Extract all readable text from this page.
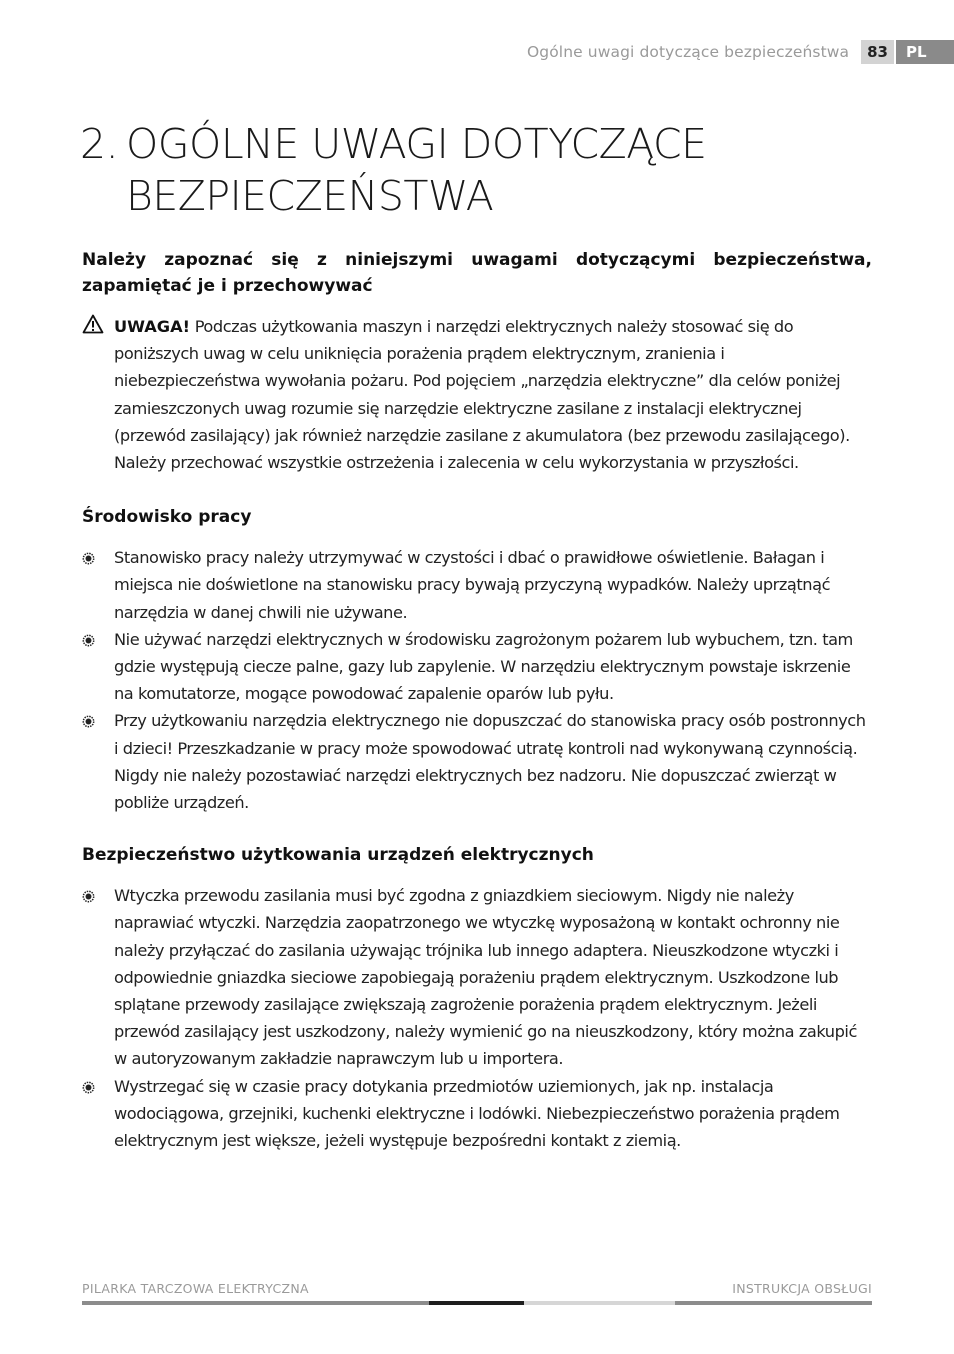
Ogólne uwagi dotyczące bezpieczeństwa	83	PL
2. OGÓLNE UWAGI DOTYCZĄCE
BEZPIECZEŃSTWA

Należy zapoznać się z niniejszymi uwagami dotyczącymi bezpieczeństwa, zapamiętać je i przechowywać

UWAGA! Podczas użytkowania maszyn i narzędzi elektrycznych należy stosować się do poniższych uwag w celu uniknięcia porażenia prądem elektrycznym, zranienia i niebezpieczeństwa wywołania pożaru. Pod pojęciem „narzędzia elektryczne” dla celów poniżej zamieszczonych uwag rozumie się narzędzie elektryczne zasilane z instalacji elektrycznej (przewód zasilający) jak również narzędzie zasilane z akumulatora (bez przewodu zasilającego). Należy przechować wszystkie ostrzeżenia i zalecenia w celu wykorzystania w przyszłości.

Środowisko pracy
Stanowisko pracy należy utrzymywać w czystości i dbać o prawidłowe oświetlenie. Bałagan i miejsca nie doświetlone na stanowisku pracy bywają przyczyną wypadków. Należy uprzątnąć narzędzia w danej chwili nie używane.
Nie używać narzędzi elektrycznych w środowisku zagrożonym pożarem lub wybuchem, tzn. tam gdzie występują ciecze palne, gazy lub zapylenie. W narzędziu elektrycznym powstaje iskrzenie na komutatorze, mogące powodować zapalenie oparów lub pyłu.
Przy użytkowaniu narzędzia elektrycznego nie dopuszczać do stanowiska pracy osób postronnych i dzieci! Przeszkadzanie w pracy może spowodować utratę kontroli nad wykonywaną czynnością. Nigdy nie należy pozostawiać narzędzi elektrycznych bez nadzoru. Nie dopuszczać zwierząt w pobliże urządzeń.
Bezpieczeństwo użytkowania urządzeń elektrycznych
Wtyczka przewodu zasilania musi być zgodna z gniazdkiem sieciowym. Nigdy nie należy naprawiać wtyczki. Narzędzia zaopatrzonego we wtyczkę wyposażoną w kontakt ochronny nie należy przyłączać do zasilania używając trójnika lub innego adaptera. Nieuszkodzone wtyczki i odpowiednie gniazdka sieciowe zapobiegają porażeniu prądem elektrycznym. Uszkodzone lub splątane przewody zasilające zwiększają zagrożenie porażenia prądem elektrycznym. Jeżeli przewód zasilający jest uszkodzony, należy wymienić go na nieuszkodzony, który można zakupić w autoryzowanym zakładzie naprawczym lub u importera.
Wystrzegać się w czasie pracy dotykania przedmiotów uziemionych, jak np. instalacja wodociągowa, grzejniki, kuchenki elektryczne i lodówki. Niebezpieczeństwo porażenia prądem elektrycznym jest większe, jeżeli występuje bezpośredni kontakt z ziemią.
PILARKA TARCZOWA ELEKTRYCZNA	INSTRUKCJA OBSŁUGI
